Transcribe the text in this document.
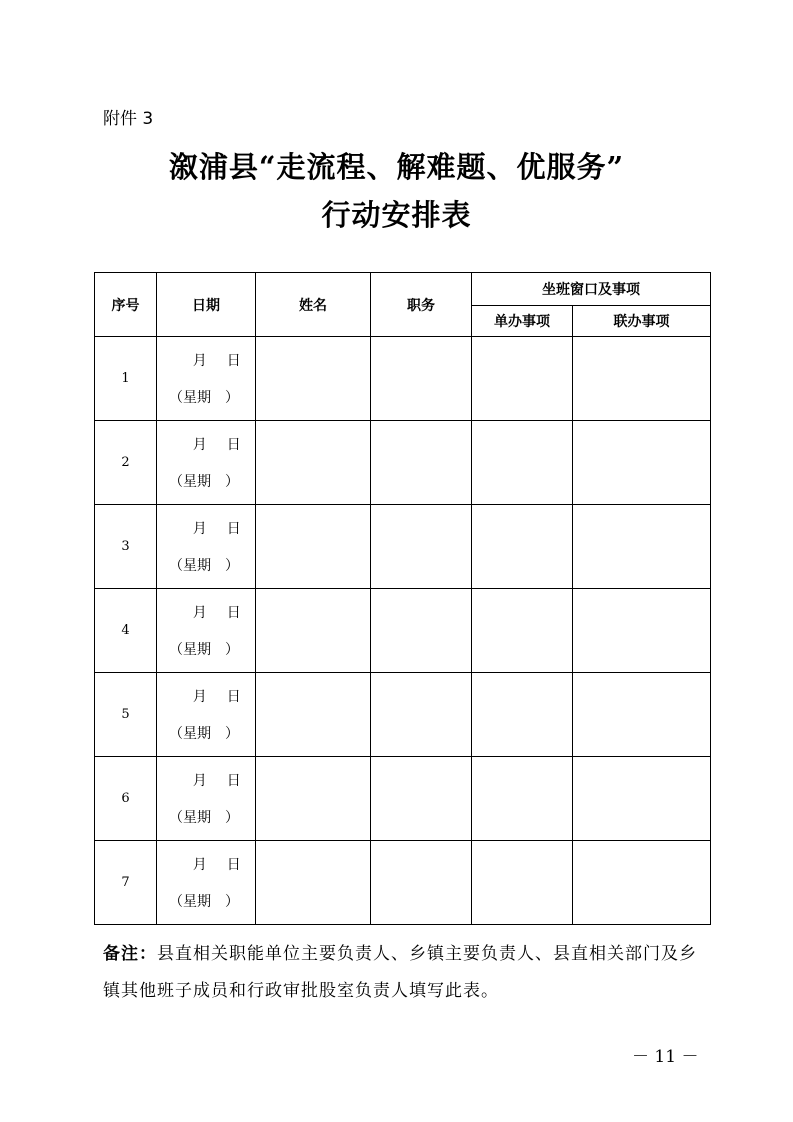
附件 3
溆浦县“走流程、解难题、优服务”
行动安排表
序号	日期	姓名	职务	坐班窗口及事项	
				单办事项	联办事项
1	月 日
（星期　）				

2	月 日
（星期　）				

3	月 日
（星期　）				

4	月 日
（星期　）				

5	月 日
（星期　）				

6	月 日
（星期　）				

7	月 日
（星期　）				

备注：县直相关职能单位主要负责人、乡镇主要负责人、县直相关部门及乡镇其他班子成员和行政审批股室负责人填写此表。
－ 11 －
